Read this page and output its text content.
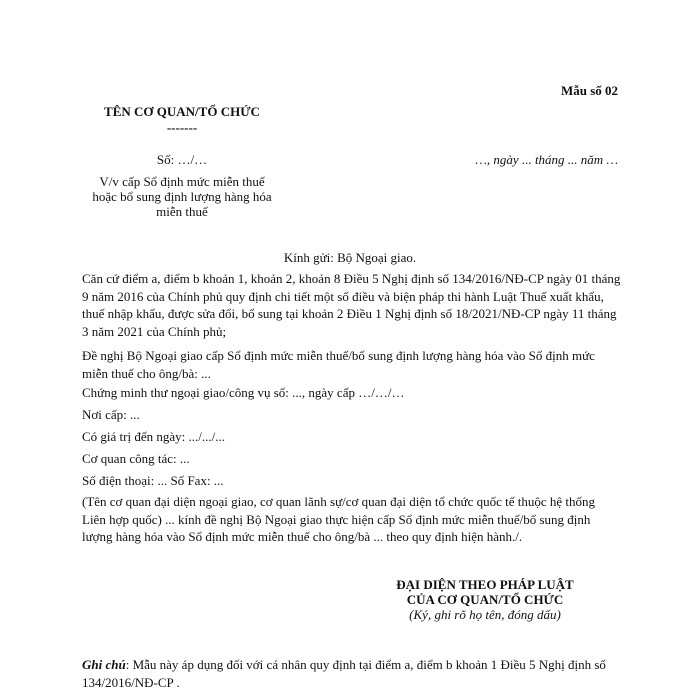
Mẫu số 02
TÊN CƠ QUAN/TỔ CHỨC
-------
Số: …/…
V/v cấp Sổ định mức miễn thuế
hoặc bổ sung định lượng hàng hóa
miễn thuế
…, ngày ... tháng ... năm …
Kính gửi: Bộ Ngoại giao.
Căn cứ điểm a, điểm b khoản 1, khoản 2, khoản 8 Điều 5 Nghị định số 134/2016/NĐ-CP ngày 01 tháng 9 năm 2016 của Chính phủ quy định chi tiết một số điều và biện pháp thi hành Luật Thuế xuất khẩu, thuế nhập khẩu, được sửa đổi, bổ sung tại khoản 2 Điều 1 Nghị định số 18/2021/NĐ-CP ngày 11 tháng 3 năm 2021 của Chính phủ;
Đề nghị Bộ Ngoại giao cấp Sổ định mức miễn thuế/bổ sung định lượng hàng hóa vào Sổ định mức miễn thuế cho ông/bà: ...
Chứng minh thư ngoại giao/công vụ số: ..., ngày cấp …/…/…
Nơi cấp: ...
Có giá trị đến ngày: .../.../...
Cơ quan công tác: ...
Số điện thoại: ... Số Fax: ...
(Tên cơ quan đại diện ngoại giao, cơ quan lãnh sự/cơ quan đại diện tổ chức quốc tế thuộc hệ thống Liên hợp quốc) ... kính đề nghị Bộ Ngoại giao thực hiện cấp Sổ định mức miễn thuế/bổ sung định lượng hàng hóa vào Sổ định mức miễn thuế cho ông/bà ... theo quy định hiện hành./.
ĐẠI DIỆN THEO PHÁP LUẬT
CỦA CƠ QUAN/TỔ CHỨC
(Ký, ghi rõ họ tên, đóng dấu)
Ghi chú: Mẫu này áp dụng đối với cá nhân quy định tại điểm a, điểm b khoản 1 Điều 5 Nghị định số 134/2016/NĐ-CP .
